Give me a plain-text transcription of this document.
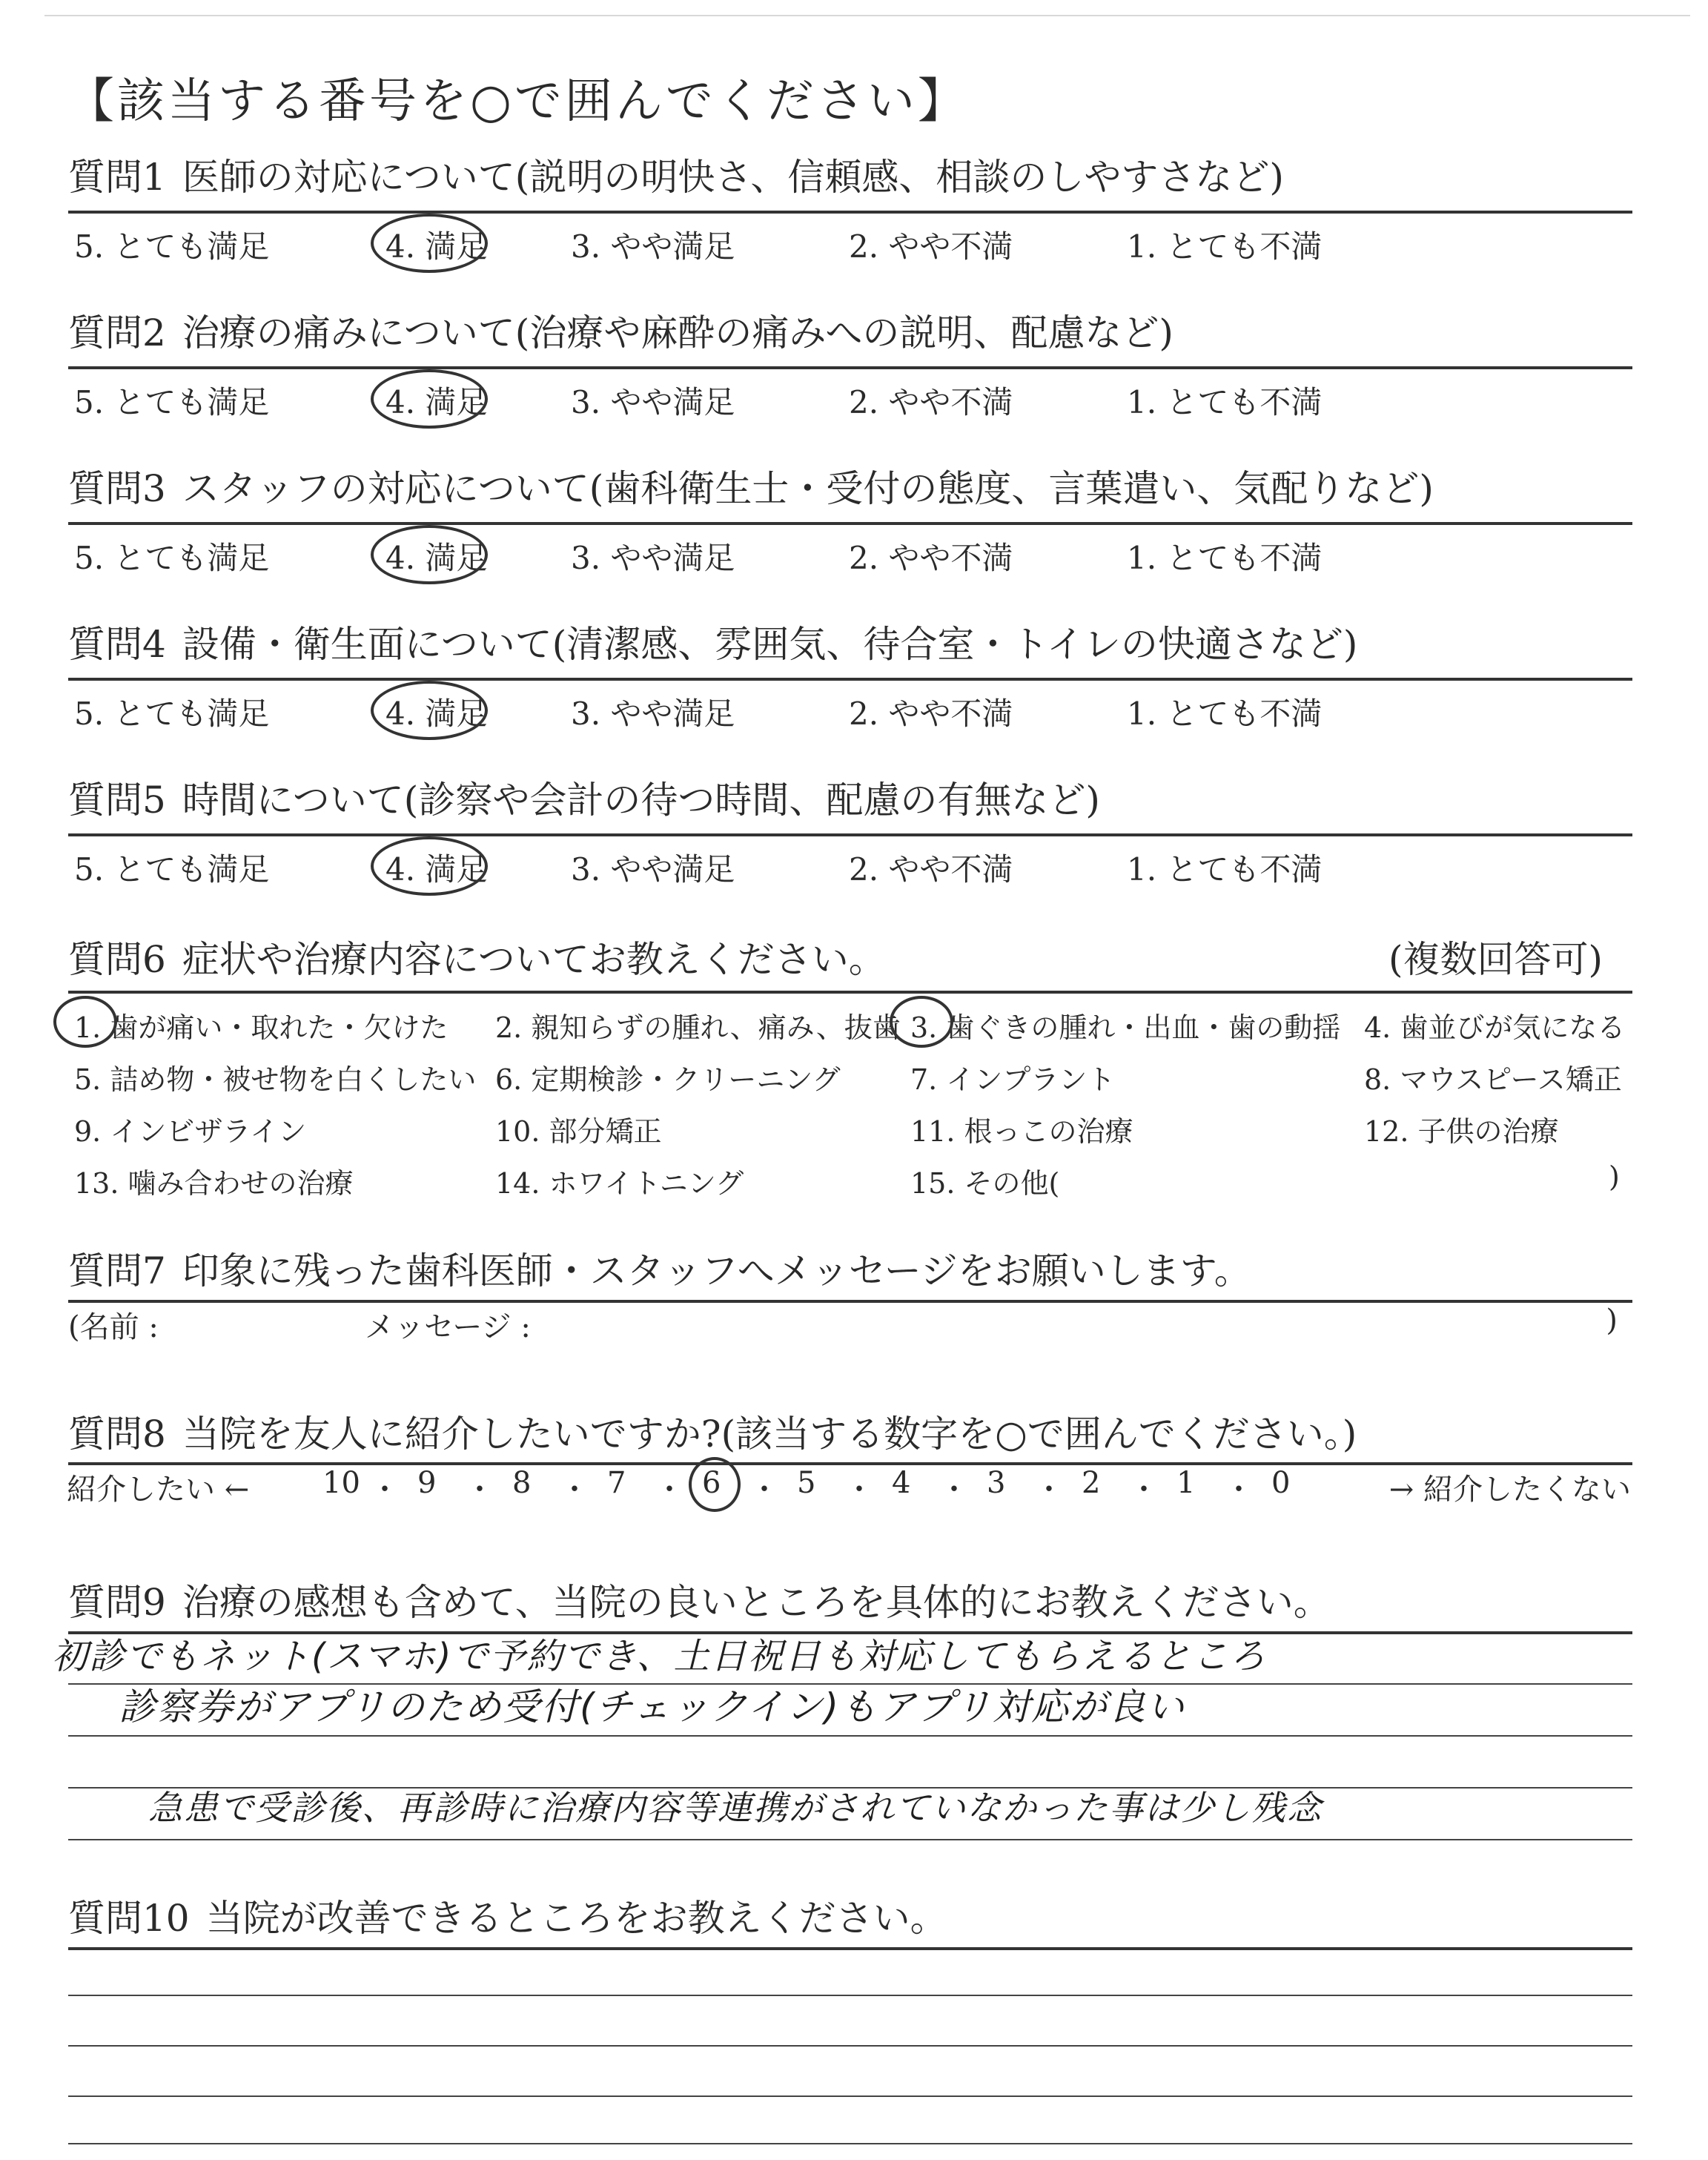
【該当する番号を○で囲んでください】
質問1 医師の対応について(説明の明快さ、信頼感、相談のしやすさなど)
5. とても満足	4. 満足	3. やや満足	2. やや不満	1. とても不満
質問2 治療の痛みについて(治療や麻酔の痛みへの説明、配慮など)
5. とても満足	4. 満足	3. やや満足	2. やや不満	1. とても不満
質問3 スタッフの対応について(歯科衛生士・受付の態度、言葉遣い、気配りなど)
5. とても満足	4. 満足	3. やや満足	2. やや不満	1. とても不満
質問4 設備・衛生面について(清潔感、雰囲気、待合室・トイレの快適さなど)
5. とても満足	4. 満足	3. やや満足	2. やや不満	1. とても不満
質問5 時間について(診察や会計の待つ時間、配慮の有無など)
5. とても満足	4. 満足	3. やや満足	2. やや不満	1. とても不満
質問6 症状や治療内容についてお教えください。	(複数回答可)
1. 歯が痛い・取れた・欠けた 2. 親知らずの腫れ、痛み、抜歯 3. 歯ぐきの腫れ・出血・歯の動揺 4. 歯並びが気になる
5. 詰め物・被せ物を白くしたい 6. 定期検診・クリーニング 7. インプラント	8. マウスピース矯正
9. インビザライン	10. 部分矯正	11. 根っこの治療	12. 子供の治療
13. 噛み合わせの治療	14. ホワイトニング	15. その他(	)
質問7 印象に残った歯科医師・スタッフへメッセージをお願いします。
(名前 :	メッセージ :	)
質問8 当院を友人に紹介したいですか?(該当する数字を○で囲んでください。)
紹介したい ←	→ 紹介したくない
10 ・ 9 ・ 8 ・ 7 ・ 6 ・ 5 ・ 4 ・ 3 ・ 2 ・ 1 ・ 0
質問9 治療の感想も含めて、当院の良いところを具体的にお教えください。
初診でもネット(スマホ)で予約でき、土日祝日も対応してもらえるところ
診察券がアプリのため受付(チェックイン)もアプリ対応が良い
急患で受診後、再診時に治療内容等連携がされていなかった事は少し残念
質問10 当院が改善できるところをお教えください。
